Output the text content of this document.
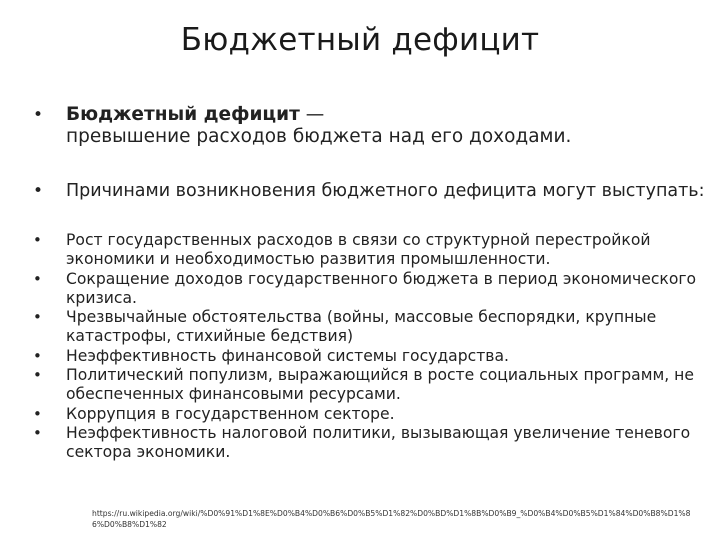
Бюджетный дефицит
• Бюджетный дефицит —
превышение расходов бюджета над его доходами.
• Причинами возникновения бюджетного дефицита могут выступать:
• Рост государственных расходов в связи со структурной перестройкой экономики и необходимостью развития промышленности.
• Сокращение доходов государственного бюджета в период экономического кризиса.
• Чрезвычайные обстоятельства (войны, массовые беспорядки, крупные катастрофы, стихийные бедствия)
• Неэффективность финансовой системы государства.
• Политический популизм, выражающийся в росте социальных программ, не обеспеченных финансовыми ресурсами.
• Коррупция в государственном секторе.
• Неэффективность налоговой политики, вызывающая увеличение теневого сектора экономики.
https://ru.wikipedia.org/wiki/%D0%91%D1%8E%D0%B4%D0%B6%D0%B5%D1%82%D0%BD%D1%8B%D0%B9_%D0%B4%D0%B5%D1%84%D0%B8%D1%86%D0%B8%D1%82
